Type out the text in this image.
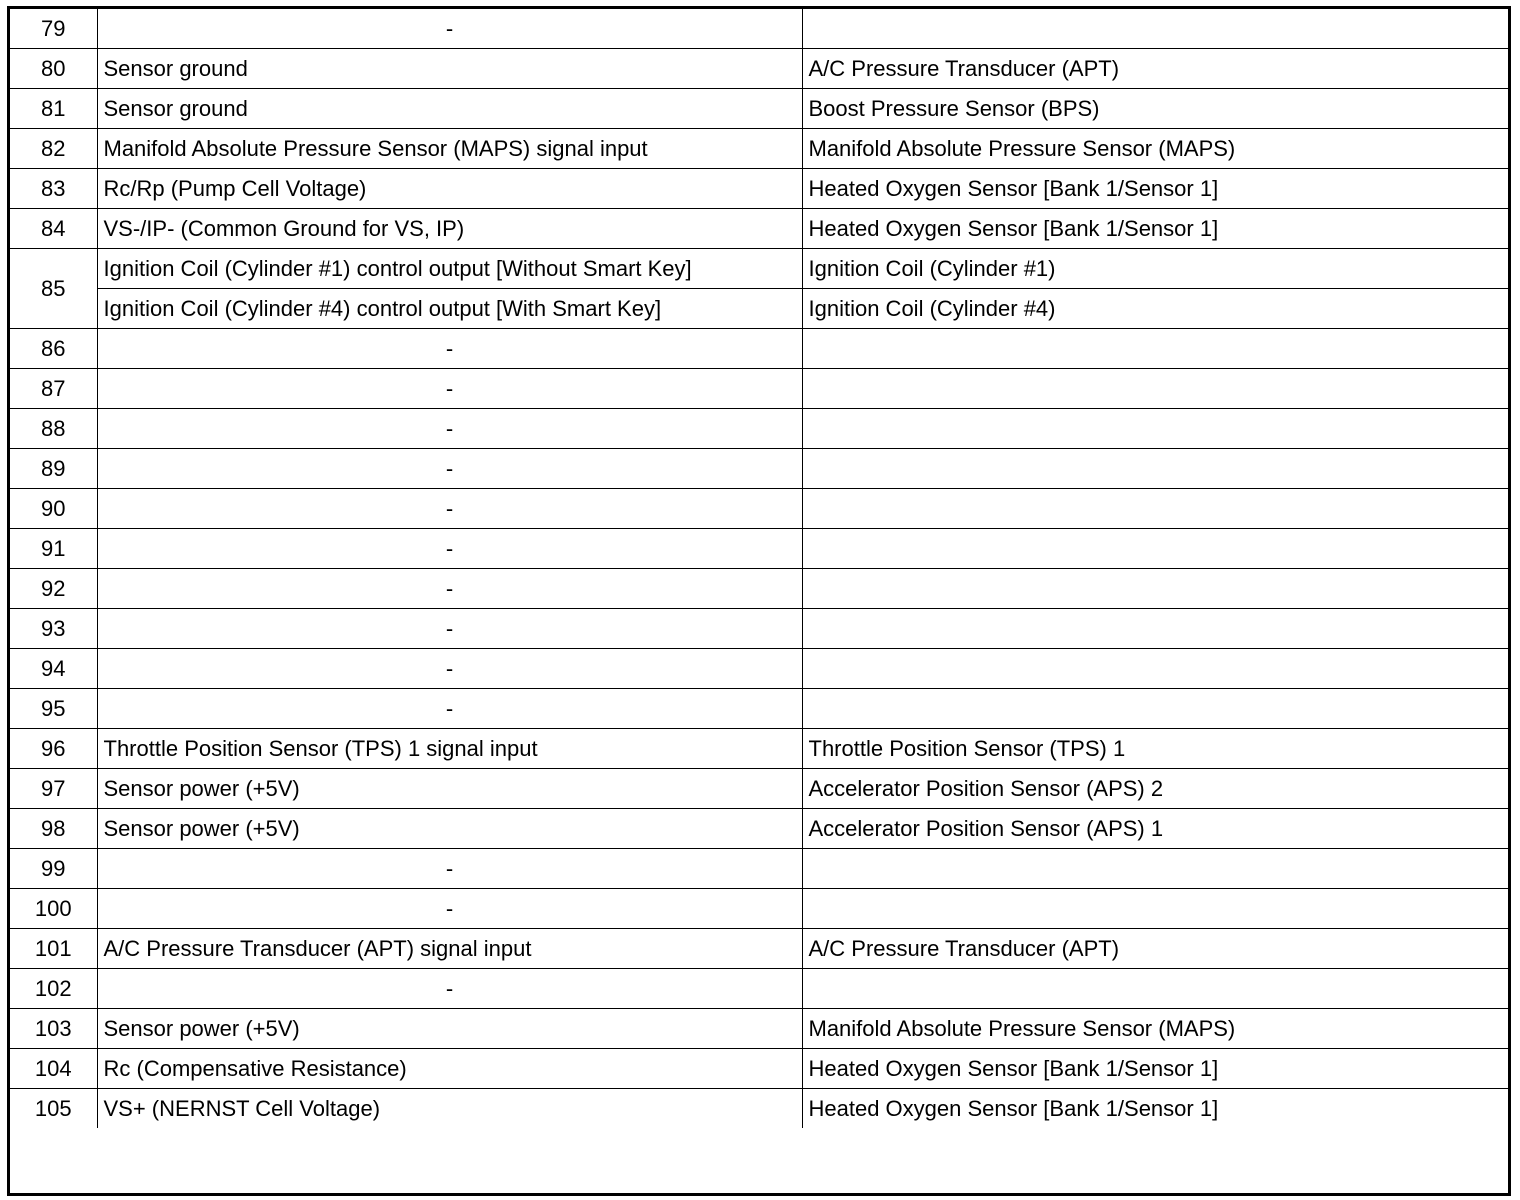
79	-	
80	Sensor ground	A/C Pressure Transducer (APT)
81	Sensor ground	Boost Pressure Sensor (BPS)
82	Manifold Absolute Pressure Sensor (MAPS) signal input	Manifold Absolute Pressure Sensor (MAPS)
83	Rc/Rp (Pump Cell Voltage)	Heated Oxygen Sensor [Bank 1/Sensor 1]
84	VS-/IP- (Common Ground for VS, IP)	Heated Oxygen Sensor [Bank 1/Sensor 1]
85	Ignition Coil (Cylinder #1) control output [Without Smart Key]	Ignition Coil (Cylinder #1)
	Ignition Coil (Cylinder #4) control output [With Smart Key]	Ignition Coil (Cylinder #4)
86	-	
87	-	
88	-	
89	-	
90	-	
91	-	
92	-	
93	-	
94	-	
95	-	
96	Throttle Position Sensor (TPS) 1 signal input	Throttle Position Sensor (TPS) 1
97	Sensor power (+5V)	Accelerator Position Sensor (APS) 2
98	Sensor power (+5V)	Accelerator Position Sensor (APS) 1
99	-	
100	-	
101	A/C Pressure Transducer (APT) signal input	A/C Pressure Transducer (APT)
102	-	
103	Sensor power (+5V)	Manifold Absolute Pressure Sensor (MAPS)
104	Rc (Compensative Resistance)	Heated Oxygen Sensor [Bank 1/Sensor 1]
105	VS+ (NERNST Cell Voltage)	Heated Oxygen Sensor [Bank 1/Sensor 1]
